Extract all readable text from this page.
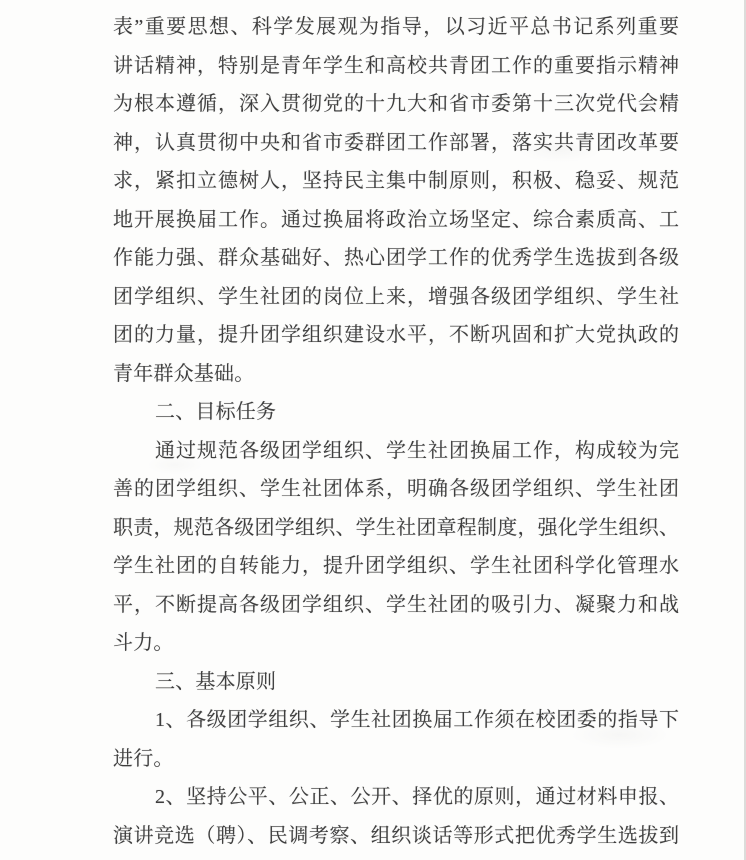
表”重要思想、科学发展观为指导，以习近平总书记系列重要
讲话精神，特别是青年学生和高校共青团工作的重要指示精神
为根本遵循，深入贯彻党的十九大和省市委第十三次党代会精
神，认真贯彻中央和省市委群团工作部署，落实共青团改革要
求，紧扣立德树人，坚持民主集中制原则，积极、稳妥、规范
地开展换届工作。通过换届将政治立场坚定、综合素质高、工
作能力强、群众基础好、热心团学工作的优秀学生选拔到各级
团学组织、学生社团的岗位上来，增强各级团学组织、学生社
团的力量，提升团学组织建设水平，不断巩固和扩大党执政的
青年群众基础。
二、目标任务
通过规范各级团学组织、学生社团换届工作，构成较为完
善的团学组织、学生社团体系，明确各级团学组织、学生社团
职责，规范各级团学组织、学生社团章程制度，强化学生组织、
学生社团的自转能力，提升团学组织、学生社团科学化管理水
平，不断提高各级团学组织、学生社团的吸引力、凝聚力和战
斗力。
三、基本原则
1、各级团学组织、学生社团换届工作须在校团委的指导下
进行。
2、坚持公平、公正、公开、择优的原则，通过材料申报、
演讲竞选（聘）、民调考察、组织谈话等形式把优秀学生选拔到
